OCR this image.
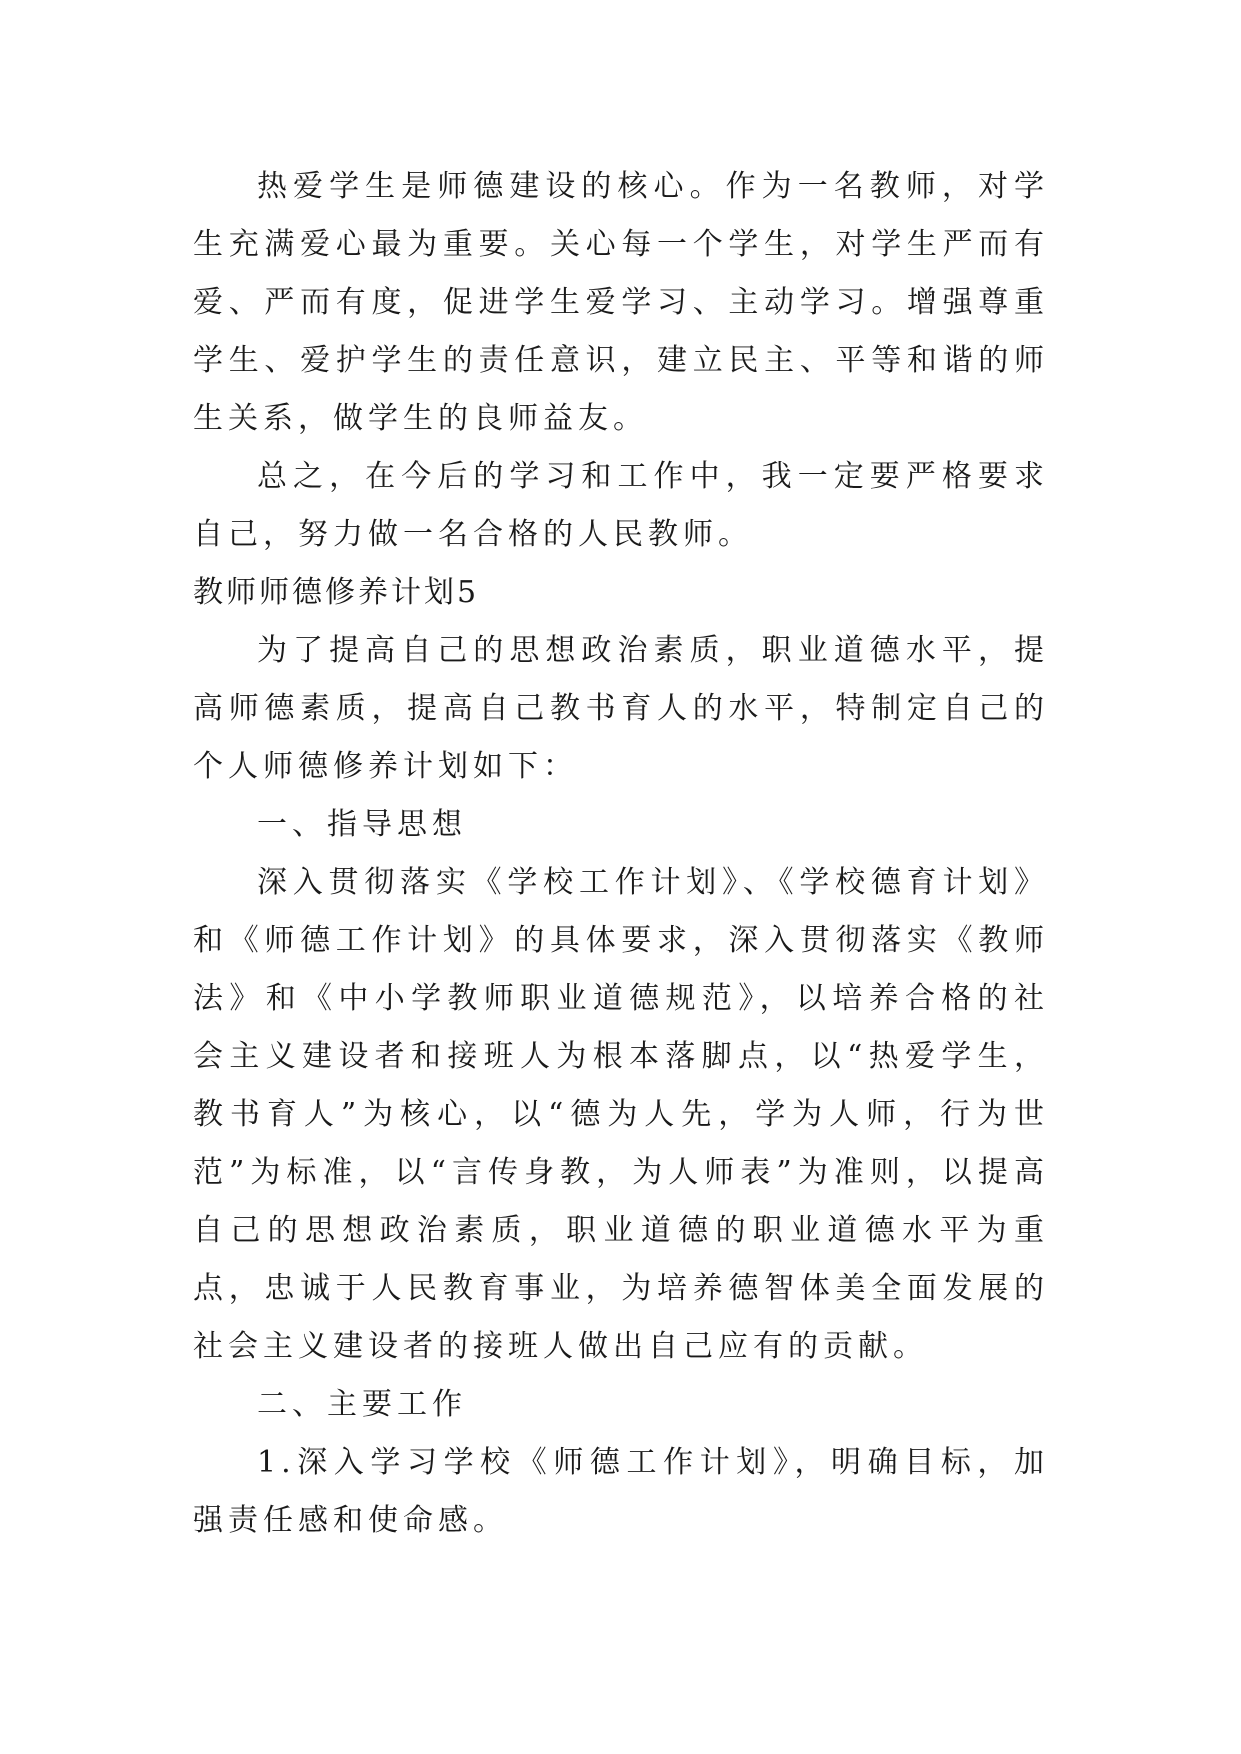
热爱学生是师德建设的核心。作为一名教师，对学生充满爱心最为重要。关心每一个学生，对学生严而有爱、严而有度，促进学生爱学习、主动学习。增强尊重学生、爱护学生的责任意识，建立民主、平等和谐的师生关系，做学生的良师益友。

总之，在今后的学习和工作中，我一定要严格要求自己，努力做一名合格的人民教师。

教师师德修养计划5

为了提高自己的思想政治素质，职业道德水平，提高师德素质，提高自己教书育人的水平，特制定自己的个人师德修养计划如下：

一、指导思想

深入贯彻落实《学校工作计划》、《学校德育计划》和《师德工作计划》的具体要求，深入贯彻落实《教师法》和《中小学教师职业道德规范》，以培养合格的社会主义建设者和接班人为根本落脚点，以“热爱学生，教书育人”为核心，以“德为人先，学为人师，行为世范”为标准，以“言传身教，为人师表”为准则，以提高自己的思想政治素质，职业道德的职业道德水平为重点，忠诚于人民教育事业，为培养德智体美全面发展的社会主义建设者的接班人做出自己应有的贡献。

二、主要工作

1.深入学习学校《师德工作计划》，明确目标，加强责任感和使命感。
